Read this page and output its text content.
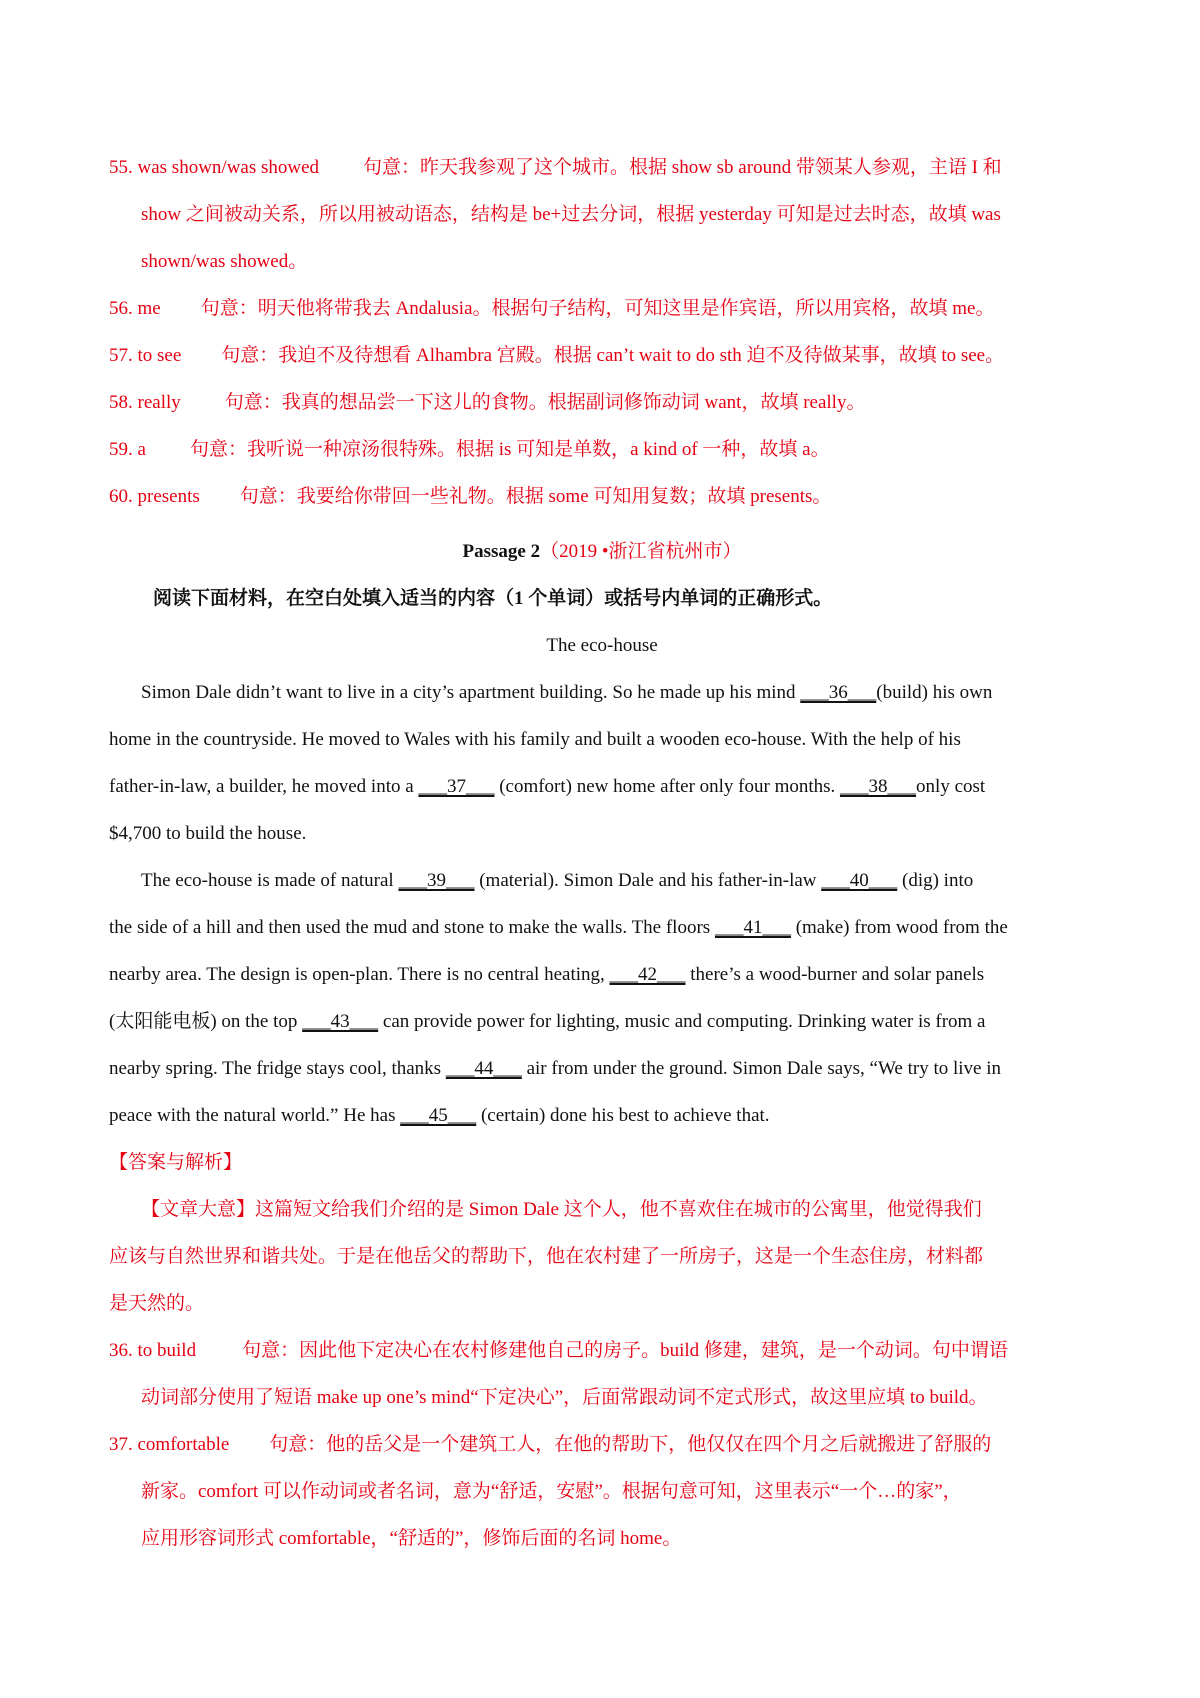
55. was shown/was showed 句意：昨天我参观了这个城市。根据 show sb around 带领某人参观，主语 I 和
show 之间被动关系，所以用被动语态，结构是 be+过去分词，根据 yesterday 可知是过去时态，故填 was
shown/was showed。
56. me 句意：明天他将带我去 Andalusia。根据句子结构，可知这里是作宾语，所以用宾格，故填 me。
57. to see 句意：我迫不及待想看 Alhambra 宫殿。根据 can’t wait to do sth 迫不及待做某事，故填 to see。
58. really 句意：我真的想品尝一下这儿的食物。根据副词修饰动词 want，故填 really。
59. a 句意：我听说一种凉汤很特殊。根据 is 可知是单数，a kind of 一种，故填 a。
60. presents 句意：我要给你带回一些礼物。根据 some 可知用复数；故填 presents。
Passage 2（2019 •浙江省杭州市）
阅读下面材料，在空白处填入适当的内容（1 个单词）或括号内单词的正确形式。
The eco-house
Simon Dale didn’t want to live in a city’s apartment building. So he made up his mind ___36___(build) his own
home in the countryside. He moved to Wales with his family and built a wooden eco-house. With the help of his
father-in-law, a builder, he moved into a ___37___ (comfort) new home after only four months. ___38___only cost
$4,700 to build the house.
The eco-house is made of natural ___39___ (material). Simon Dale and his father-in-law ___40___ (dig) into
the side of a hill and then used the mud and stone to make the walls. The floors ___41___ (make) from wood from the
nearby area. The design is open-plan. There is no central heating, ___42___ there’s a wood-burner and solar panels
(太阳能电板) on the top ___43___ can provide power for lighting, music and computing. Drinking water is from a
nearby spring. The fridge stays cool, thanks ___44___ air from under the ground. Simon Dale says, “We try to live in
peace with the natural world.” He has ___45___ (certain) done his best to achieve that.
【答案与解析】
【文章大意】这篇短文给我们介绍的是 Simon Dale 这个人，他不喜欢住在城市的公寓里，他觉得我们
应该与自然世界和谐共处。于是在他岳父的帮助下，他在农村建了一所房子，这是一个生态住房，材料都
是天然的。
36. to build 句意：因此他下定决心在农村修建他自己的房子。build 修建，建筑，是一个动词。句中谓语
动词部分使用了短语 make up one’s mind“下定决心”，后面常跟动词不定式形式，故这里应填 to build。
37. comfortable 句意：他的岳父是一个建筑工人，在他的帮助下，他仅仅在四个月之后就搬进了舒服的
新家。comfort 可以作动词或者名词，意为“舒适，安慰”。根据句意可知，这里表示“一个…的家”，
应用形容词形式 comfortable，“舒适的”，修饰后面的名词 home。
